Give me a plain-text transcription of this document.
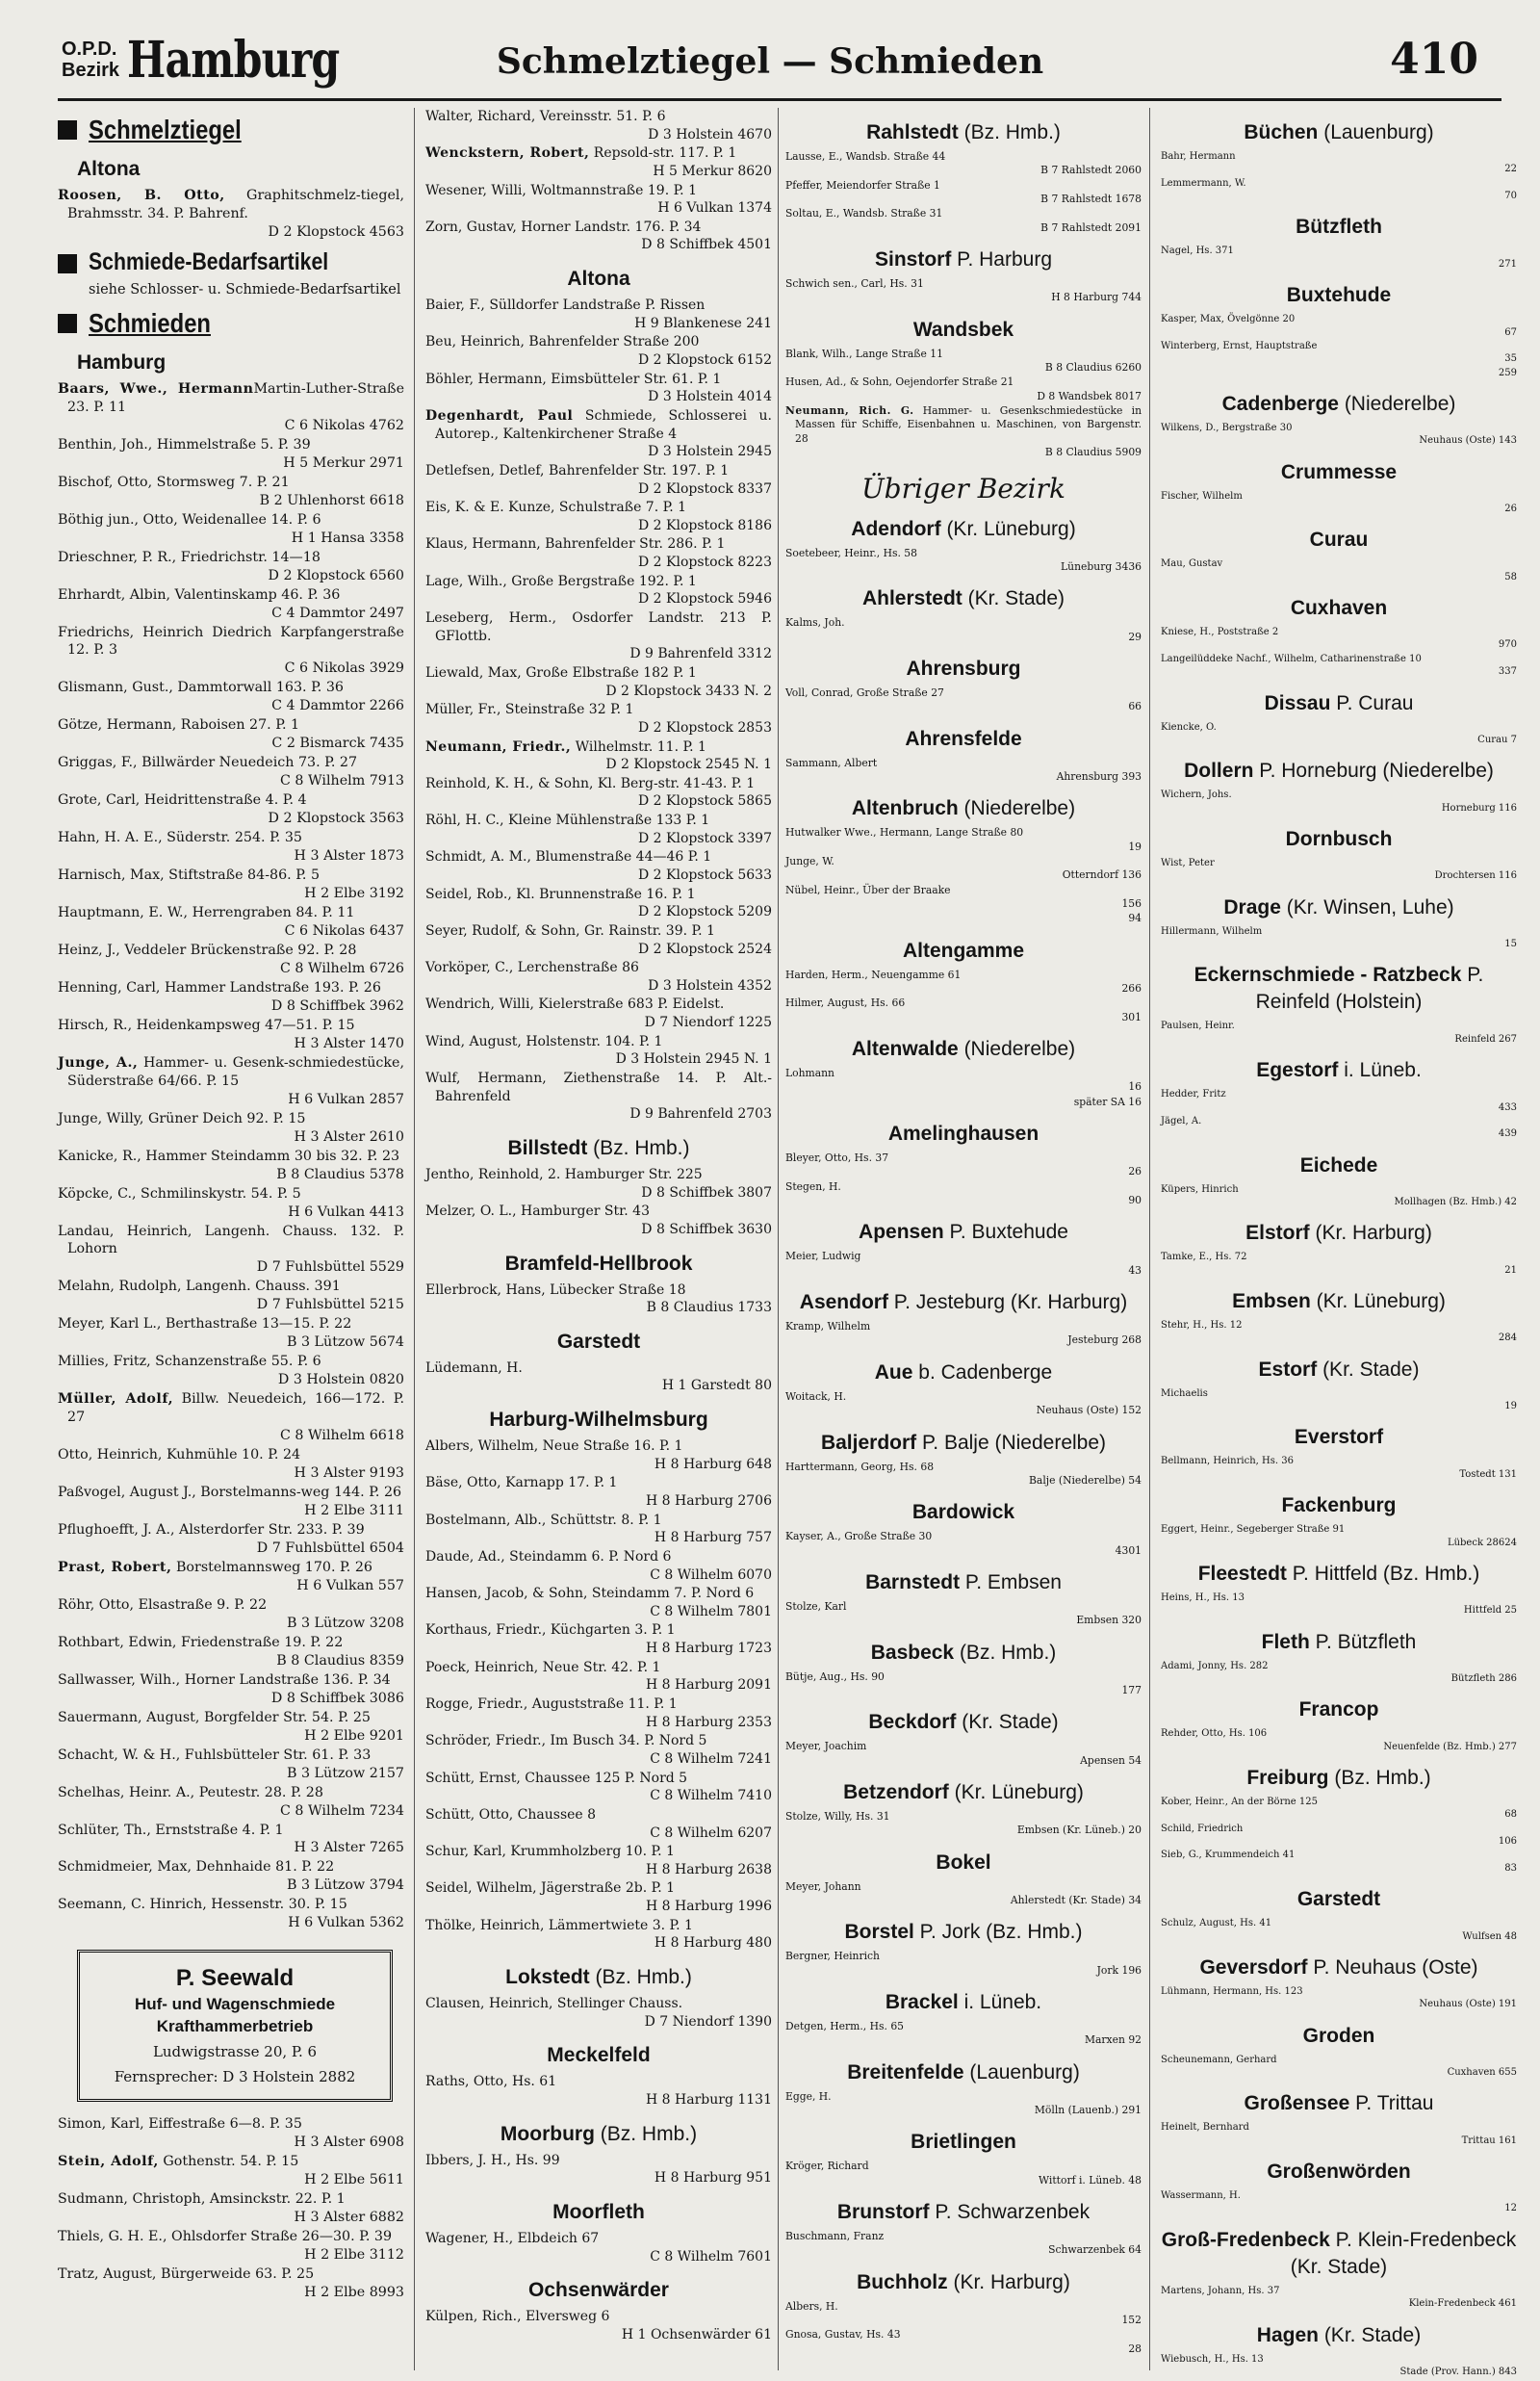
O.P.D.
Bezirk Hamburg	Schmelztiegel — Schmieden	410
Schmelztiegel
Altona
Roosen, B. Otto, Graphitschmelz-tiegel, Brahmsstr. 34. P. Bahrenf.
D 2 Klopstock 4563
Schmiede-Bedarfsartikel
siehe Schlosser- u. Schmiede-Bedarfsartikel
Schmieden
Hamburg
Baars, Wwe., HermannMartin-Luther-Straße 23. P. 11
C 6 Nikolas 4762
Benthin, Joh., Himmelstraße 5. P. 39
H 5 Merkur 2971
Bischof, Otto, Stormsweg 7. P. 21
B 2 Uhlenhorst 6618
Böthig jun., Otto, Weidenallee 14. P. 6
H 1 Hansa 3358
Drieschner, P. R., Friedrichstr. 14—18
D 2 Klopstock 6560
Ehrhardt, Albin, Valentinskamp 46. P. 36
C 4 Dammtor 2497
Friedrichs, Heinrich Diedrich Karpfangerstraße 12. P. 3
C 6 Nikolas 3929
Glismann, Gust., Dammtorwall 163. P. 36
C 4 Dammtor 2266
Götze, Hermann, Raboisen 27. P. 1
C 2 Bismarck 7435
Griggas, F., Billwärder Neuedeich 73. P. 27
C 8 Wilhelm 7913
Grote, Carl, Heidrittenstraße 4. P. 4
D 2 Klopstock 3563
Hahn, H. A. E., Süderstr. 254. P. 35
H 3 Alster 1873
Harnisch, Max, Stiftstraße 84-86. P. 5
H 2 Elbe 3192
Hauptmann, E. W., Herrengraben 84. P. 11
C 6 Nikolas 6437
Heinz, J., Veddeler Brückenstraße 92. P. 28
C 8 Wilhelm 6726
Henning, Carl, Hammer Landstraße 193. P. 26
D 8 Schiffbek 3962
Hirsch, R., Heidenkampsweg 47—51. P. 15
H 3 Alster 1470
Junge, A., Hammer- u. Gesenk-schmiedestücke, Süderstraße 64/66. P. 15
H 6 Vulkan 2857
Junge, Willy, Grüner Deich 92. P. 15
H 3 Alster 2610
Kanicke, R., Hammer Steindamm 30 bis 32. P. 23
B 8 Claudius 5378
Köpcke, C., Schmilinskystr. 54. P. 5
H 6 Vulkan 4413
Landau, Heinrich, Langenh. Chauss. 132. P. Lohorn
D 7 Fuhlsbüttel 5529
Melahn, Rudolph, Langenh. Chauss. 391
D 7 Fuhlsbüttel 5215
Meyer, Karl L., Berthastraße 13—15. P. 22
B 3 Lützow 5674
Millies, Fritz, Schanzenstraße 55. P. 6
D 3 Holstein 0820
Müller, Adolf, Billw. Neuedeich, 166—172. P. 27
C 8 Wilhelm 6618
Otto, Heinrich, Kuhmühle 10. P. 24
H 3 Alster 9193
Paßvogel, August J., Borstelmanns-weg 144. P. 26
H 2 Elbe 3111
Pflughoefft, J. A., Alsterdorfer Str. 233. P. 39
D 7 Fuhlsbüttel 6504
Prast, Robert, Borstelmannsweg 170. P. 26
H 6 Vulkan 557
Röhr, Otto, Elsastraße 9. P. 22
B 3 Lützow 3208
Rothbart, Edwin, Friedenstraße 19. P. 22
B 8 Claudius 8359
Sallwasser, Wilh., Horner Landstraße 136. P. 34
D 8 Schiffbek 3086
Sauermann, August, Borgfelder Str. 54. P. 25
H 2 Elbe 9201
Schacht, W. & H., Fuhlsbütteler Str. 61. P. 33
B 3 Lützow 2157
Schelhas, Heinr. A., Peutestr. 28. P. 28
C 8 Wilhelm 7234
Schlüter, Th., Ernststraße 4. P. 1
H 3 Alster 7265
Schmidmeier, Max, Dehnhaide 81. P. 22
B 3 Lützow 3794
Seemann, C. Hinrich, Hessenstr. 30. P. 15
H 6 Vulkan 5362
P. Seewald
Huf- und Wagenschmiede
Krafthammerbetrieb
Ludwigstrasse 20, P. 6
Fernsprecher: D 3 Holstein 2882
Simon, Karl, Eiffestraße 6—8. P. 35
H 3 Alster 6908
Stein, Adolf, Gothenstr. 54. P. 15
H 2 Elbe 5611
Sudmann, Christoph, Amsinckstr. 22. P. 1
H 3 Alster 6882
Thiels, G. H. E., Ohlsdorfer Straße 26—30. P. 39
H 2 Elbe 3112
Tratz, August, Bürgerweide 63. P. 25
H 2 Elbe 8993
Walter, Richard, Vereinsstr. 51. P. 6
D 3 Holstein 4670
Wenckstern, Robert, Repsold-str. 117. P. 1
H 5 Merkur 8620
Wesener, Willi, Woltmannstraße 19. P. 1
H 6 Vulkan 1374
Zorn, Gustav, Horner Landstr. 176. P. 34
D 8 Schiffbek 4501
Altona
Baier, F., Sülldorfer Landstraße P. Rissen
H 9 Blankenese 241
Beu, Heinrich, Bahrenfelder Straße 200
D 2 Klopstock 6152
Böhler, Hermann, Eimsbütteler Str. 61. P. 1
D 3 Holstein 4014
Degenhardt, Paul Schmiede, Schlosserei u. Autorep., Kaltenkirchener Straße 4
D 3 Holstein 2945
Detlefsen, Detlef, Bahrenfelder Str. 197. P. 1
D 2 Klopstock 8337
Eis, K. & E. Kunze, Schulstraße 7. P. 1
D 2 Klopstock 8186
Klaus, Hermann, Bahrenfelder Str. 286. P. 1
D 2 Klopstock 8223
Lage, Wilh., Große Bergstraße 192. P. 1
D 2 Klopstock 5946
Leseberg, Herm., Osdorfer Landstr. 213 P. GFlottb.
D 9 Bahrenfeld 3312
Liewald, Max, Große Elbstraße 182 P. 1
D 2 Klopstock 3433 N. 2
Müller, Fr., Steinstraße 32 P. 1
D 2 Klopstock 2853
Neumann, Friedr., Wilhelmstr. 11. P. 1
D 2 Klopstock 2545 N. 1
Reinhold, K. H., & Sohn, Kl. Berg-str. 41-43. P. 1
D 2 Klopstock 5865
Röhl, H. C., Kleine Mühlenstraße 133 P. 1
D 2 Klopstock 3397
Schmidt, A. M., Blumenstraße 44—46 P. 1
D 2 Klopstock 5633
Seidel, Rob., Kl. Brunnenstraße 16. P. 1
D 2 Klopstock 5209
Seyer, Rudolf, & Sohn, Gr. Rainstr. 39. P. 1
D 2 Klopstock 2524
Vorköper, C., Lerchenstraße 86
D 3 Holstein 4352
Wendrich, Willi, Kielerstraße 683 P. Eidelst.
D 7 Niendorf 1225
Wind, August, Holstenstr. 104. P. 1
D 3 Holstein 2945 N. 1
Wulf, Hermann, Ziethenstraße 14. P. Alt.-Bahrenfeld
D 9 Bahrenfeld 2703
Billstedt (Bz. Hmb.)
Jentho, Reinhold, 2. Hamburger Str. 225
D 8 Schiffbek 3807
Melzer, O. L., Hamburger Str. 43
D 8 Schiffbek 3630
Bramfeld-Hellbrook
Ellerbrock, Hans, Lübecker Straße 18
B 8 Claudius 1733
Garstedt
Lüdemann, H.
H 1 Garstedt 80
Harburg-Wilhelmsburg
Albers, Wilhelm, Neue Straße 16. P. 1
H 8 Harburg 648
Bäse, Otto, Karnapp 17. P. 1
H 8 Harburg 2706
Bostelmann, Alb., Schüttstr. 8. P. 1
H 8 Harburg 757
Daude, Ad., Steindamm 6. P. Nord 6
C 8 Wilhelm 6070
Hansen, Jacob, & Sohn, Steindamm 7. P. Nord 6
C 8 Wilhelm 7801
Korthaus, Friedr., Küchgarten 3. P. 1
H 8 Harburg 1723
Poeck, Heinrich, Neue Str. 42. P. 1
H 8 Harburg 2091
Rogge, Friedr., Auguststraße 11. P. 1
H 8 Harburg 2353
Schröder, Friedr., Im Busch 34. P. Nord 5
C 8 Wilhelm 7241
Schütt, Ernst, Chaussee 125 P. Nord 5
C 8 Wilhelm 7410
Schütt, Otto, Chaussee 8
C 8 Wilhelm 6207
Schur, Karl, Krummholzberg 10. P. 1
H 8 Harburg 2638
Seidel, Wilhelm, Jägerstraße 2b. P. 1
H 8 Harburg 1996
Thölke, Heinrich, Lämmertwiete 3. P. 1
H 8 Harburg 480
Lokstedt (Bz. Hmb.)
Clausen, Heinrich, Stellinger Chauss.
D 7 Niendorf 1390
Meckelfeld
Raths, Otto, Hs. 61
H 8 Harburg 1131
Moorburg (Bz. Hmb.)
Ibbers, J. H., Hs. 99
H 8 Harburg 951
Moorfleth
Wagener, H., Elbdeich 67
C 8 Wilhelm 7601
Ochsenwärder
Külpen, Rich., Elversweg 6
H 1 Ochsenwärder 61
Rahlstedt (Bz. Hmb.)
Lausse, E., Wandsb. Straße 44
B 7 Rahlstedt 2060
Pfeffer, Meiendorfer Straße 1
B 7 Rahlstedt 1678
Soltau, E., Wandsb. Straße 31
B 7 Rahlstedt 2091
Sinstorf P. Harburg
Schwich sen., Carl, Hs. 31
H 8 Harburg 744
Wandsbek
Blank, Wilh., Lange Straße 11
B 8 Claudius 6260
Husen, Ad., & Sohn, Oejendorfer Straße 21
D 8 Wandsbek 8017
Neumann, Rich. G. Hammer- u. Gesenkschmiedestücke in Massen für Schiffe, Eisenbahnen u. Maschinen, von Bargenstr. 28
B 8 Claudius 5909
Übriger Bezirk
Adendorf (Kr. Lüneburg)
Soetebeer, Heinr., Hs. 58
Lüneburg 3436
Ahlerstedt (Kr. Stade)
Kalms, Joh.
29
Ahrensburg
Voll, Conrad, Große Straße 27
66
Ahrensfelde
Sammann, Albert
Ahrensburg 393
Altenbruch (Niederelbe)
Hutwalker Wwe., Hermann, Lange Straße 80
19
Junge, W.
Otterndorf 136
Nübel, Heinr., Über der Braake
156
94
Altengamme
Harden, Herm., Neuengamme 61
266
Hilmer, August, Hs. 66
301
Altenwalde (Niederelbe)
Lohmann
16
später SA 16
Amelinghausen
Bleyer, Otto, Hs. 37
26
Stegen, H.
90
Apensen P. Buxtehude
Meier, Ludwig
43
Asendorf P. Jesteburg (Kr. Harburg)
Kramp, Wilhelm
Jesteburg 268
Aue b. Cadenberge
Woitack, H.
Neuhaus (Oste) 152
Baljerdorf P. Balje (Niederelbe)
Harttermann, Georg, Hs. 68
Balje (Niederelbe) 54
Bardowick
Kayser, A., Große Straße 30
4301
Barnstedt P. Embsen
Stolze, Karl
Embsen 320
Basbeck (Bz. Hmb.)
Bütje, Aug., Hs. 90
177
Beckdorf (Kr. Stade)
Meyer, Joachim
Apensen 54
Betzendorf (Kr. Lüneburg)
Stolze, Willy, Hs. 31
Embsen (Kr. Lüneb.) 20
Bokel
Meyer, Johann
Ahlerstedt (Kr. Stade) 34
Borstel P. Jork (Bz. Hmb.)
Bergner, Heinrich
Jork 196
Brackel i. Lüneb.
Detgen, Herm., Hs. 65
Marxen 92
Breitenfelde (Lauenburg)
Egge, H.
Mölln (Lauenb.) 291
Brietlingen
Kröger, Richard
Wittorf i. Lüneb. 48
Brunstorf P. Schwarzenbek
Buschmann, Franz
Schwarzenbek 64
Buchholz (Kr. Harburg)
Albers, H.
152
Gnosa, Gustav, Hs. 43
28
Büchen (Lauenburg)
Bahr, Hermann
22
Lemmermann, W.
70
Bützfleth
Nagel, Hs. 371
271
Buxtehude
Kasper, Max, Övelgönne 20
67
Winterberg, Ernst, Hauptstraße
35
259
Cadenberge (Niederelbe)
Wilkens, D., Bergstraße 30
Neuhaus (Oste) 143
Crummesse
Fischer, Wilhelm
26
Curau
Mau, Gustav
58
Cuxhaven
Kniese, H., Poststraße 2
970
Langeilüddeke Nachf., Wilhelm, Catharinenstraße 10
337
Dissau P. Curau
Kiencke, O.
Curau 7
Dollern P. Horneburg (Niederelbe)
Wichern, Johs.
Horneburg 116
Dornbusch
Wist, Peter
Drochtersen 116
Drage (Kr. Winsen, Luhe)
Hillermann, Wilhelm
15
Eckernschmiede - Ratzbeck P. Reinfeld (Holstein)
Paulsen, Heinr.
Reinfeld 267
Egestorf i. Lüneb.
Hedder, Fritz
433
Jägel, A.
439
Eichede
Küpers, Hinrich
Mollhagen (Bz. Hmb.) 42
Elstorf (Kr. Harburg)
Tamke, E., Hs. 72
21
Embsen (Kr. Lüneburg)
Stehr, H., Hs. 12
284
Estorf (Kr. Stade)
Michaelis
19
Everstorf
Bellmann, Heinrich, Hs. 36
Tostedt 131
Fackenburg
Eggert, Heinr., Segeberger Straße 91
Lübeck 28624
Fleestedt P. Hittfeld (Bz. Hmb.)
Heins, H., Hs. 13
Hittfeld 25
Fleth P. Bützfleth
Adami, Jonny, Hs. 282
Bützfleth 286
Francop
Rehder, Otto, Hs. 106
Neuenfelde (Bz. Hmb.) 277
Freiburg (Bz. Hmb.)
Kober, Heinr., An der Börne 125
68
Schild, Friedrich
106
Sieb, G., Krummendeich 41
83
Garstedt
Schulz, August, Hs. 41
Wulfsen 48
Geversdorf P. Neuhaus (Oste)
Lühmann, Hermann, Hs. 123
Neuhaus (Oste) 191
Groden
Scheunemann, Gerhard
Cuxhaven 655
Großensee P. Trittau
Heinelt, Bernhard
Trittau 161
Großenwörden
Wassermann, H.
12
Groß-Fredenbeck P. Klein-Fredenbeck (Kr. Stade)
Martens, Johann, Hs. 37
Klein-Fredenbeck 461
Hagen (Kr. Stade)
Wiebusch, H., Hs. 13
Stade (Prov. Hann.) 843
